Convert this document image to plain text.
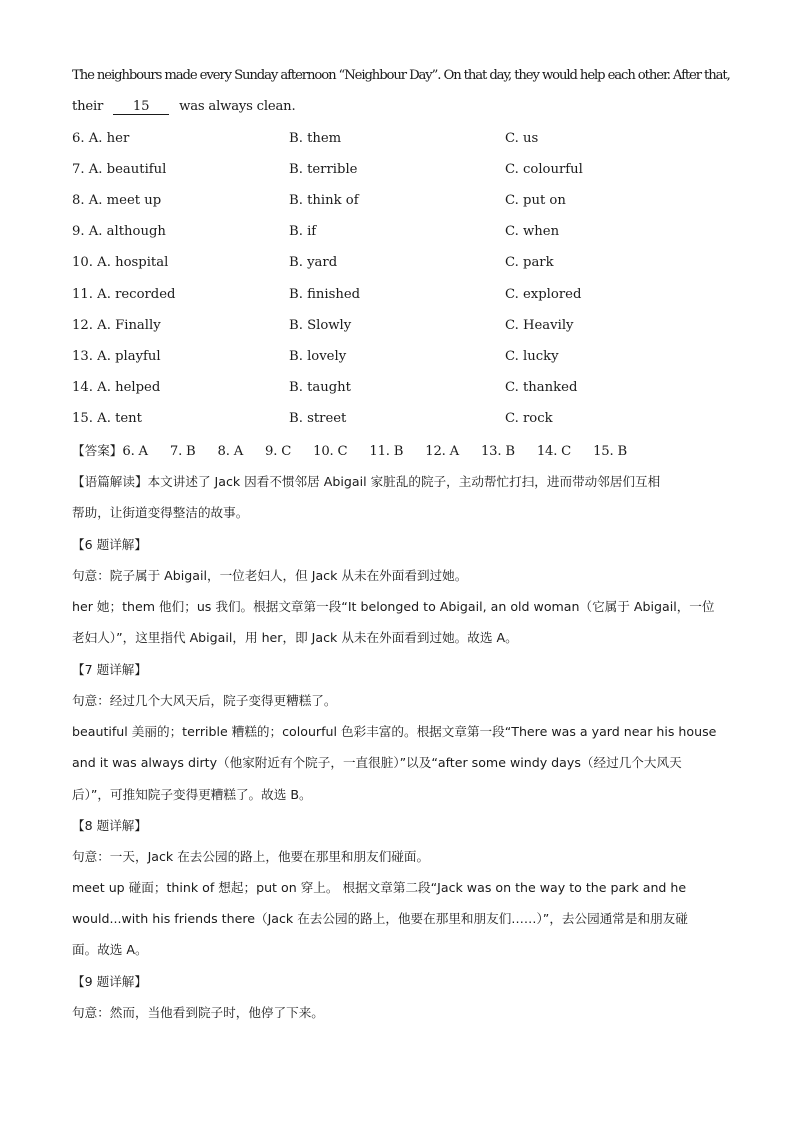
The neighbours made every Sunday afternoon “Neighbour Day”. On that day, they would help each other. After that,
their 15 was always clean.
6. A. her	B. them	C. us
7. A. beautiful	B. terrible	C. colourful
8. A. meet up	B. think of	C. put on
9. A. although	B. if	C. when
10. A. hospital	B. yard	C. park
11. A. recorded	B. finished	C. explored
12. A. Finally	B. Slowly	C. Heavily
13. A. playful	B. lovely	C. lucky
14. A. helped	B. taught	C. thanked
15. A. tent	B. street	C. rock
【答案】6. A 7. B 8. A 9. C 10. C 11. B 12. A 13. B 14. C 15. B
【语篇解读】本文讲述了 Jack 因看不惯邻居 Abigail 家脏乱的院子，主动帮忙打扫，进而带动邻居们互相
帮助，让街道变得整洁的故事。
【6 题详解】
句意：院子属于 Abigail，一位老妇人，但 Jack 从未在外面看到过她。
her 她；them 他们；us 我们。根据文章第一段“It belonged to Abigail, an old woman（它属于 Abigail，一位
老妇人）”，这里指代 Abigail，用 her，即 Jack 从未在外面看到过她。故选 A。
【7 题详解】
句意：经过几个大风天后，院子变得更糟糕了。
beautiful 美丽的；terrible 糟糕的；colourful 色彩丰富的。根据文章第一段“There was a yard near his house
and it was always dirty（他家附近有个院子，一直很脏）”以及“after some windy days（经过几个大风天
后）”，可推知院子变得更糟糕了。故选 B。
【8 题详解】
句意：一天，Jack 在去公园的路上，他要在那里和朋友们碰面。
meet up 碰面；think of 想起；put on 穿上。 根据文章第二段“Jack was on the way to the park and he
would...with his friends there（Jack 在去公园的路上，他要在那里和朋友们……）”，去公园通常是和朋友碰
面。故选 A。
【9 题详解】
句意：然而，当他看到院子时，他停了下来。
